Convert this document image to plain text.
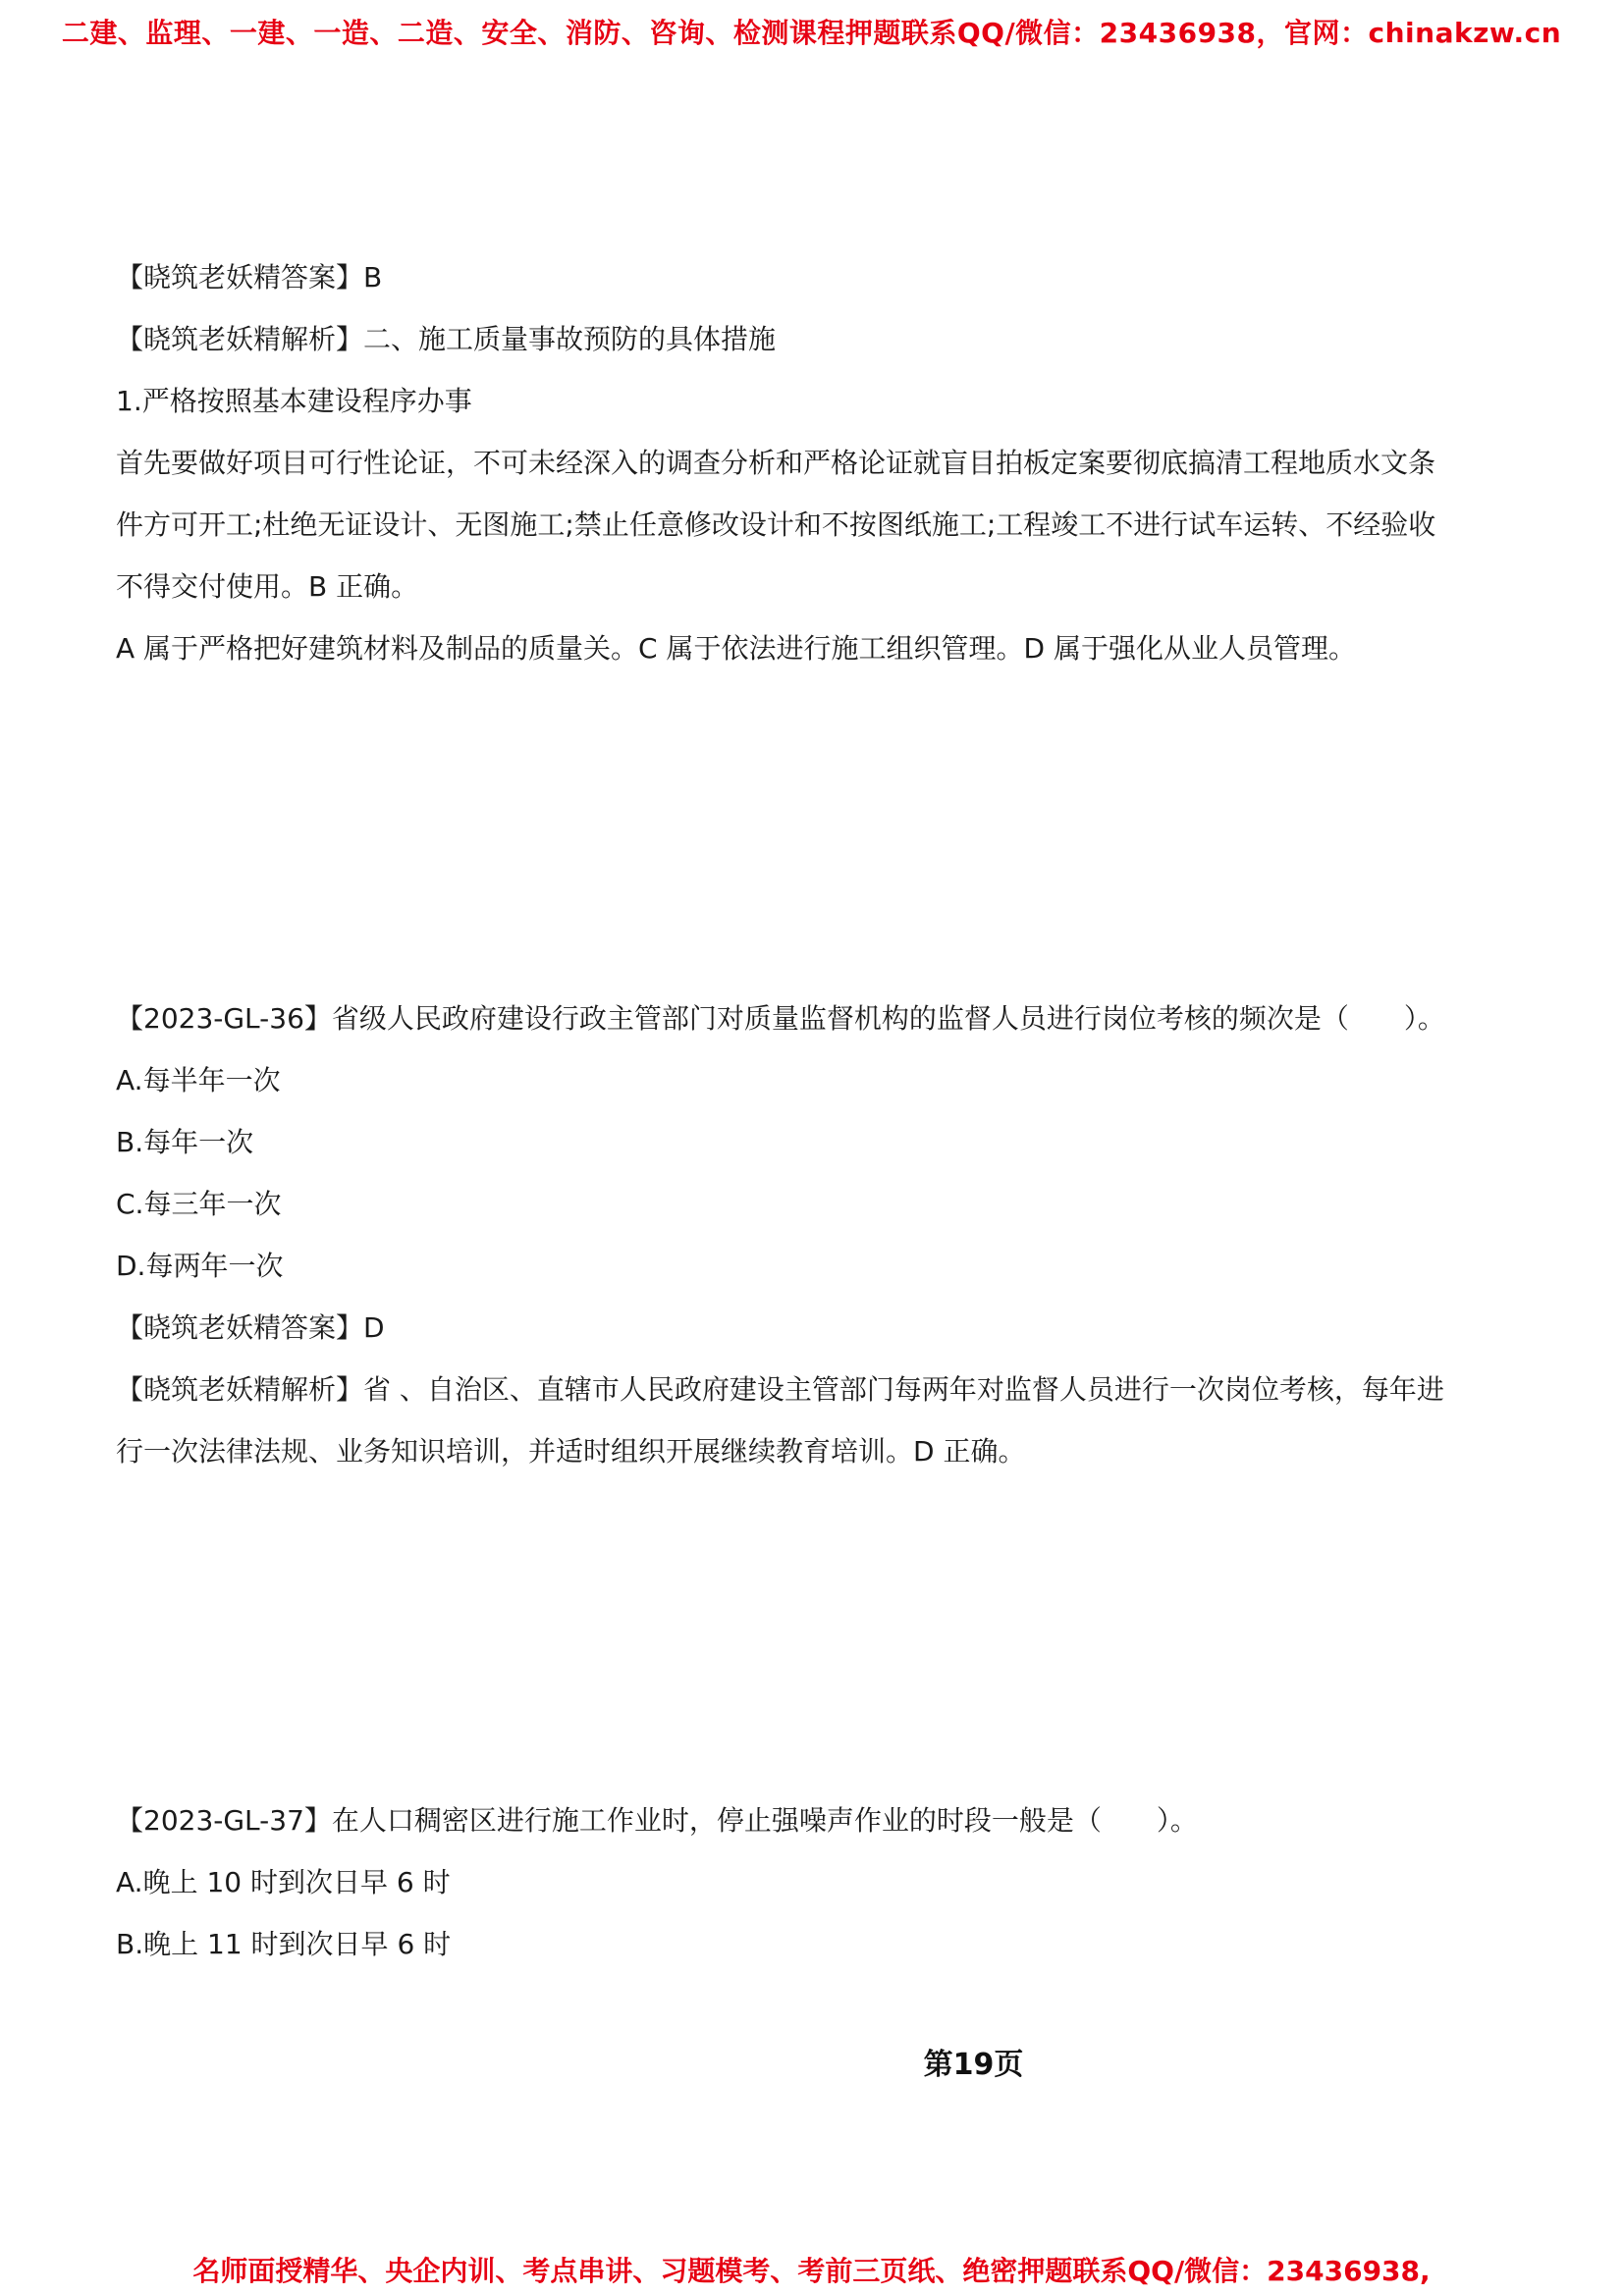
二建、监理、一建、一造、二造、安全、消防、咨询、检测课程押题联系QQ/微信：23436938，官网：chinakzw.cn
【晓筑老妖精答案】B
【晓筑老妖精解析】二、施工质量事故预防的具体措施
1.严格按照基本建设程序办事
首先要做好项目可行性论证，不可未经深入的调查分析和严格论证就盲目拍板定案要彻底搞清工程地质水文条
件方可开工;杜绝无证设计、无图施工;禁止任意修改设计和不按图纸施工;工程竣工不进行试车运转、不经验收
不得交付使用。B 正确。
A 属于严格把好建筑材料及制品的质量关。C 属于依法进行施工组织管理。D 属于强化从业人员管理。
【2023-GL-36】省级人民政府建设行政主管部门对质量监督机构的监督人员进行岗位考核的频次是（　　）。
A.每半年一次
B.每年一次
C.每三年一次
D.每两年一次
【晓筑老妖精答案】D
【晓筑老妖精解析】省 、自治区、直辖市人民政府建设主管部门每两年对监督人员进行一次岗位考核，每年进
行一次法律法规、业务知识培训，并适时组织开展继续教育培训。D 正确。
【2023-GL-37】在人口稠密区进行施工作业时，停止强噪声作业的时段一般是（　　）。
A.晚上 10 时到次日早 6 时
B.晚上 11 时到次日早 6 时
第19页
名师面授精华、央企内训、考点串讲、习题模考、考前三页纸、绝密押题联系QQ/微信：23436938,
